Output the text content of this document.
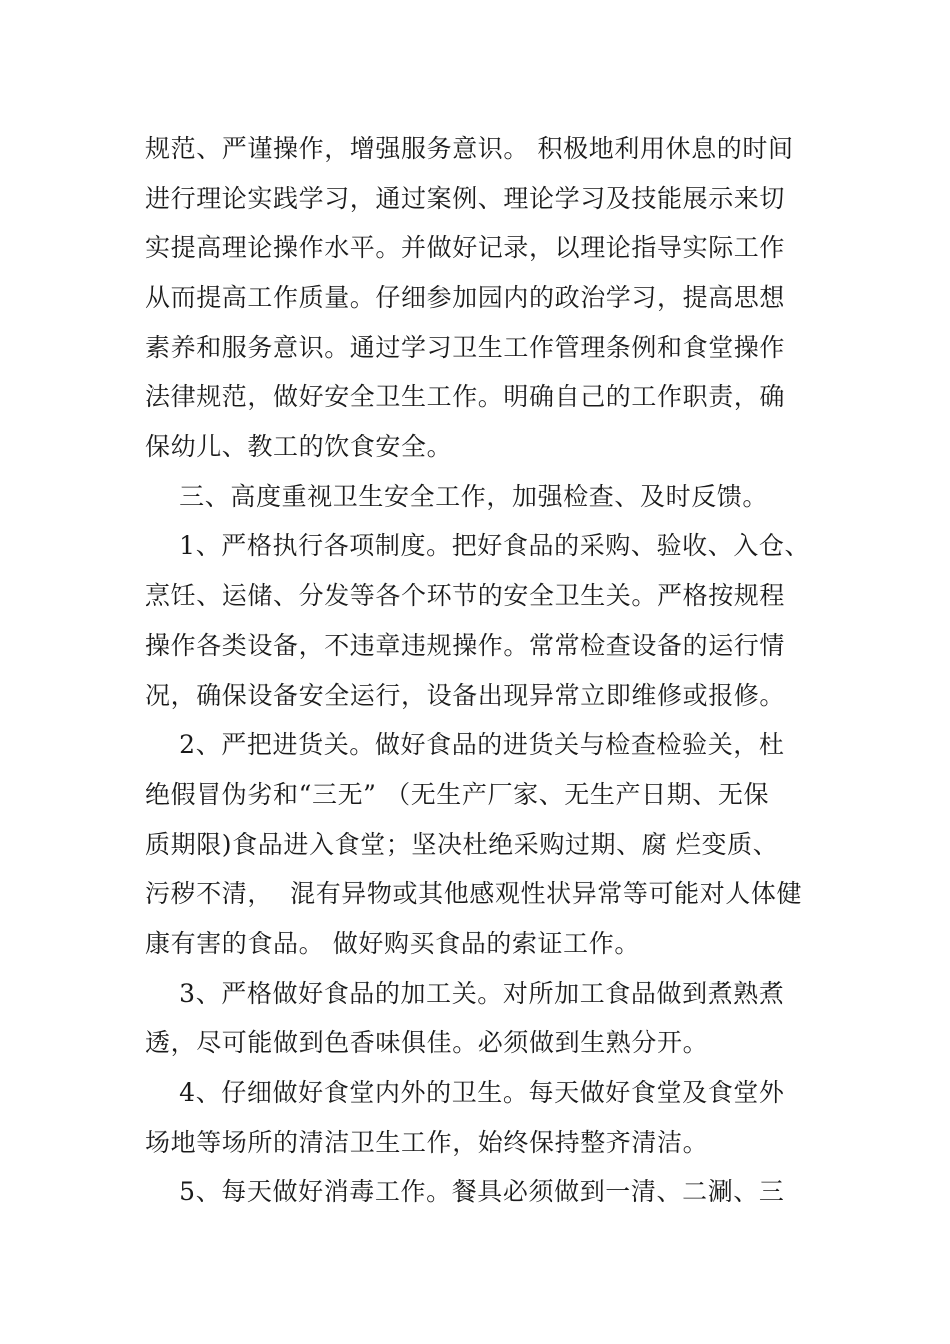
规范、严谨操作，增强服务意识。 积极地利用休息的时间
进行理论实践学习，通过案例、理论学习及技能展示来切
实提高理论操作水平。并做好记录，以理论指导实际工作
从而提高工作质量。仔细参加园内的政治学习，提高思想
素养和服务意识。通过学习卫生工作管理条例和食堂操作
法律规范，做好安全卫生工作。明确自己的工作职责，确
保幼儿、教工的饮食安全。
三、高度重视卫生安全工作，加强检查、及时反馈。
1、严格执行各项制度。把好食品的采购、验收、入仓、
烹饪、运储、分发等各个环节的安全卫生关。严格按规程
操作各类设备，不违章违规操作。常常检查设备的运行情
况，确保设备安全运行，设备出现异常立即维修或报修。
2、严把进货关。做好食品的进货关与检查检验关，杜
绝假冒伪劣和“三无” （无生产厂家、无生产日期、无保
质期限)食品进入食堂；坚决杜绝采购过期、腐 烂变质、
污秽不清，  混有异物或其他感观性状异常等可能对人体健
康有害的食品。 做好购买食品的索证工作。
3、严格做好食品的加工关。对所加工食品做到煮熟煮
透，尽可能做到色香味俱佳。必须做到生熟分开。
4、仔细做好食堂内外的卫生。每天做好食堂及食堂外
场地等场所的清洁卫生工作，始终保持整齐清洁。
5、每天做好消毒工作。餐具必须做到一清、二涮、三
